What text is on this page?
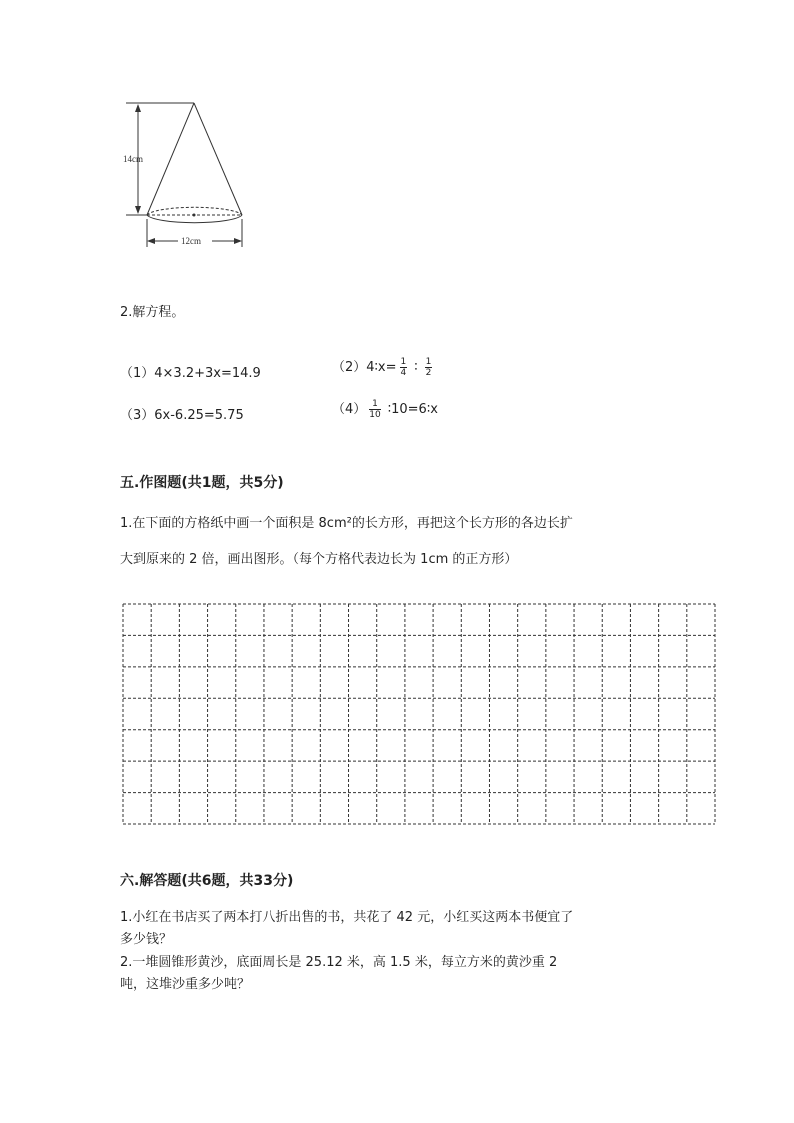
14cm
12cm
2.解方程。
（1）4×3.2+3x=14.9	（2）4∶x= $\frac{1}{4}$ ∶ $\frac{1}{2}$
（3）6x-6.25=5.75	$(4) \frac{1}{10}$ ∶10=6∶x
五.作图题(共1题，共5分)
1.在下面的方格纸中画一个面积是 8cm²的长方形，再把这个长方形的各边长扩
大到原来的 2 倍，画出图形。（每个方格代表边长为 1cm 的正方形）
六.解答题(共6题，共33分)
1.小红在书店买了两本打八折出售的书，共花了 42 元，小红买这两本书便宜了
多少钱？
2.一堆圆锥形黄沙，底面周长是 25.12 米，高 1.5 米，每立方米的黄沙重 2
吨，这堆沙重多少吨？
